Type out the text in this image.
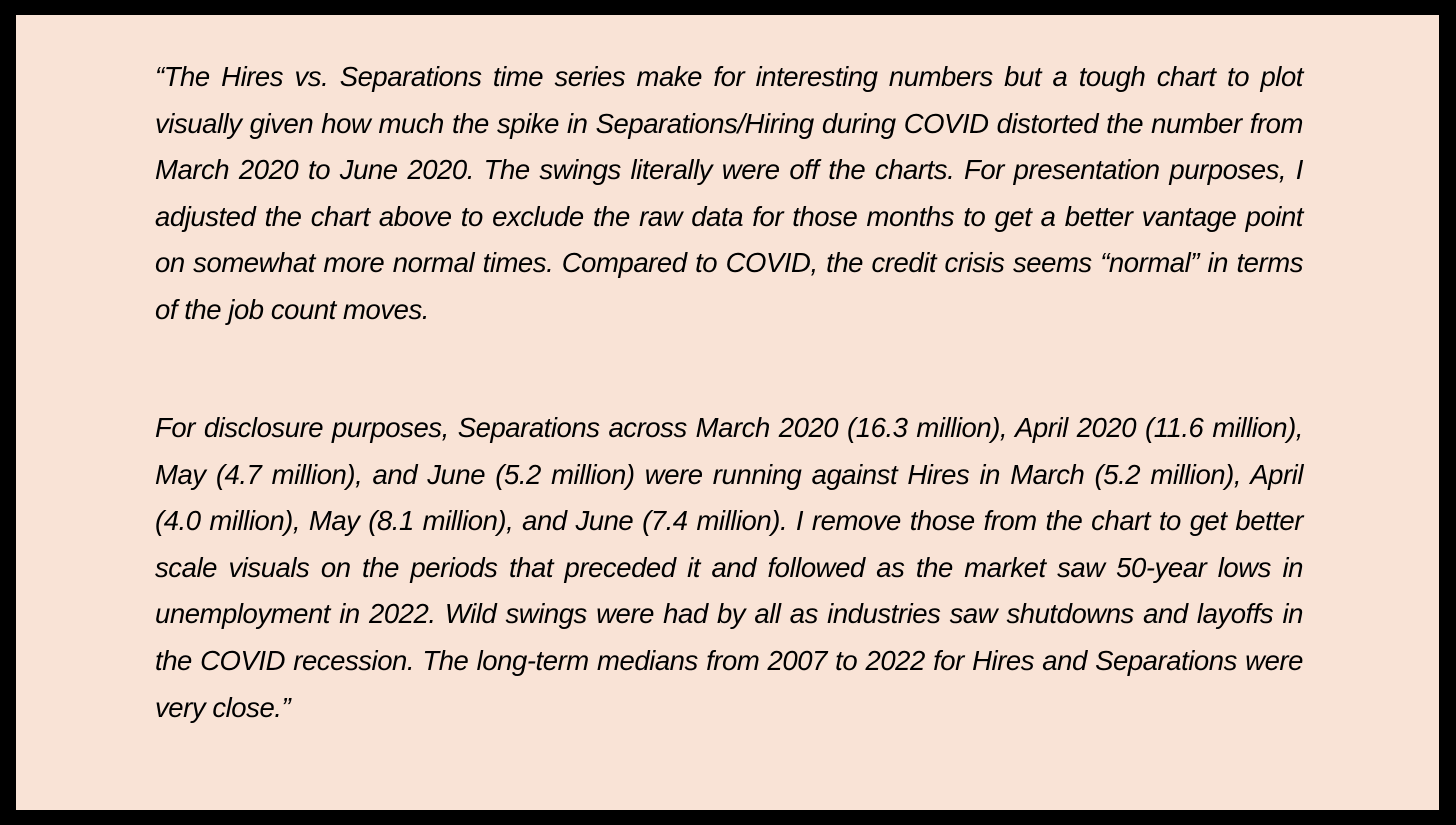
“The Hires vs. Separations time series make for interesting numbers but a tough chart to plot visually given how much the spike in Separations/Hiring during COVID distorted the number from March 2020 to June 2020. The swings literally were off the charts. For presentation purposes, I adjusted the chart above to exclude the raw data for those months to get a better vantage point on somewhat more normal times. Compared to COVID, the credit crisis seems “normal” in terms of the job count moves.

For disclosure purposes, Separations across March 2020 (16.3 million), April 2020 (11.6 million), May (4.7 million), and June (5.2 million) were running against Hires in March (5.2 million), April (4.0 million), May (8.1 million), and June (7.4 million). I remove those from the chart to get better scale visuals on the periods that preceded it and followed as the market saw 50-year lows in unemployment in 2022. Wild swings were had by all as industries saw shutdowns and layoffs in the COVID recession. The long-term medians from 2007 to 2022 for Hires and Separations were very close.”
